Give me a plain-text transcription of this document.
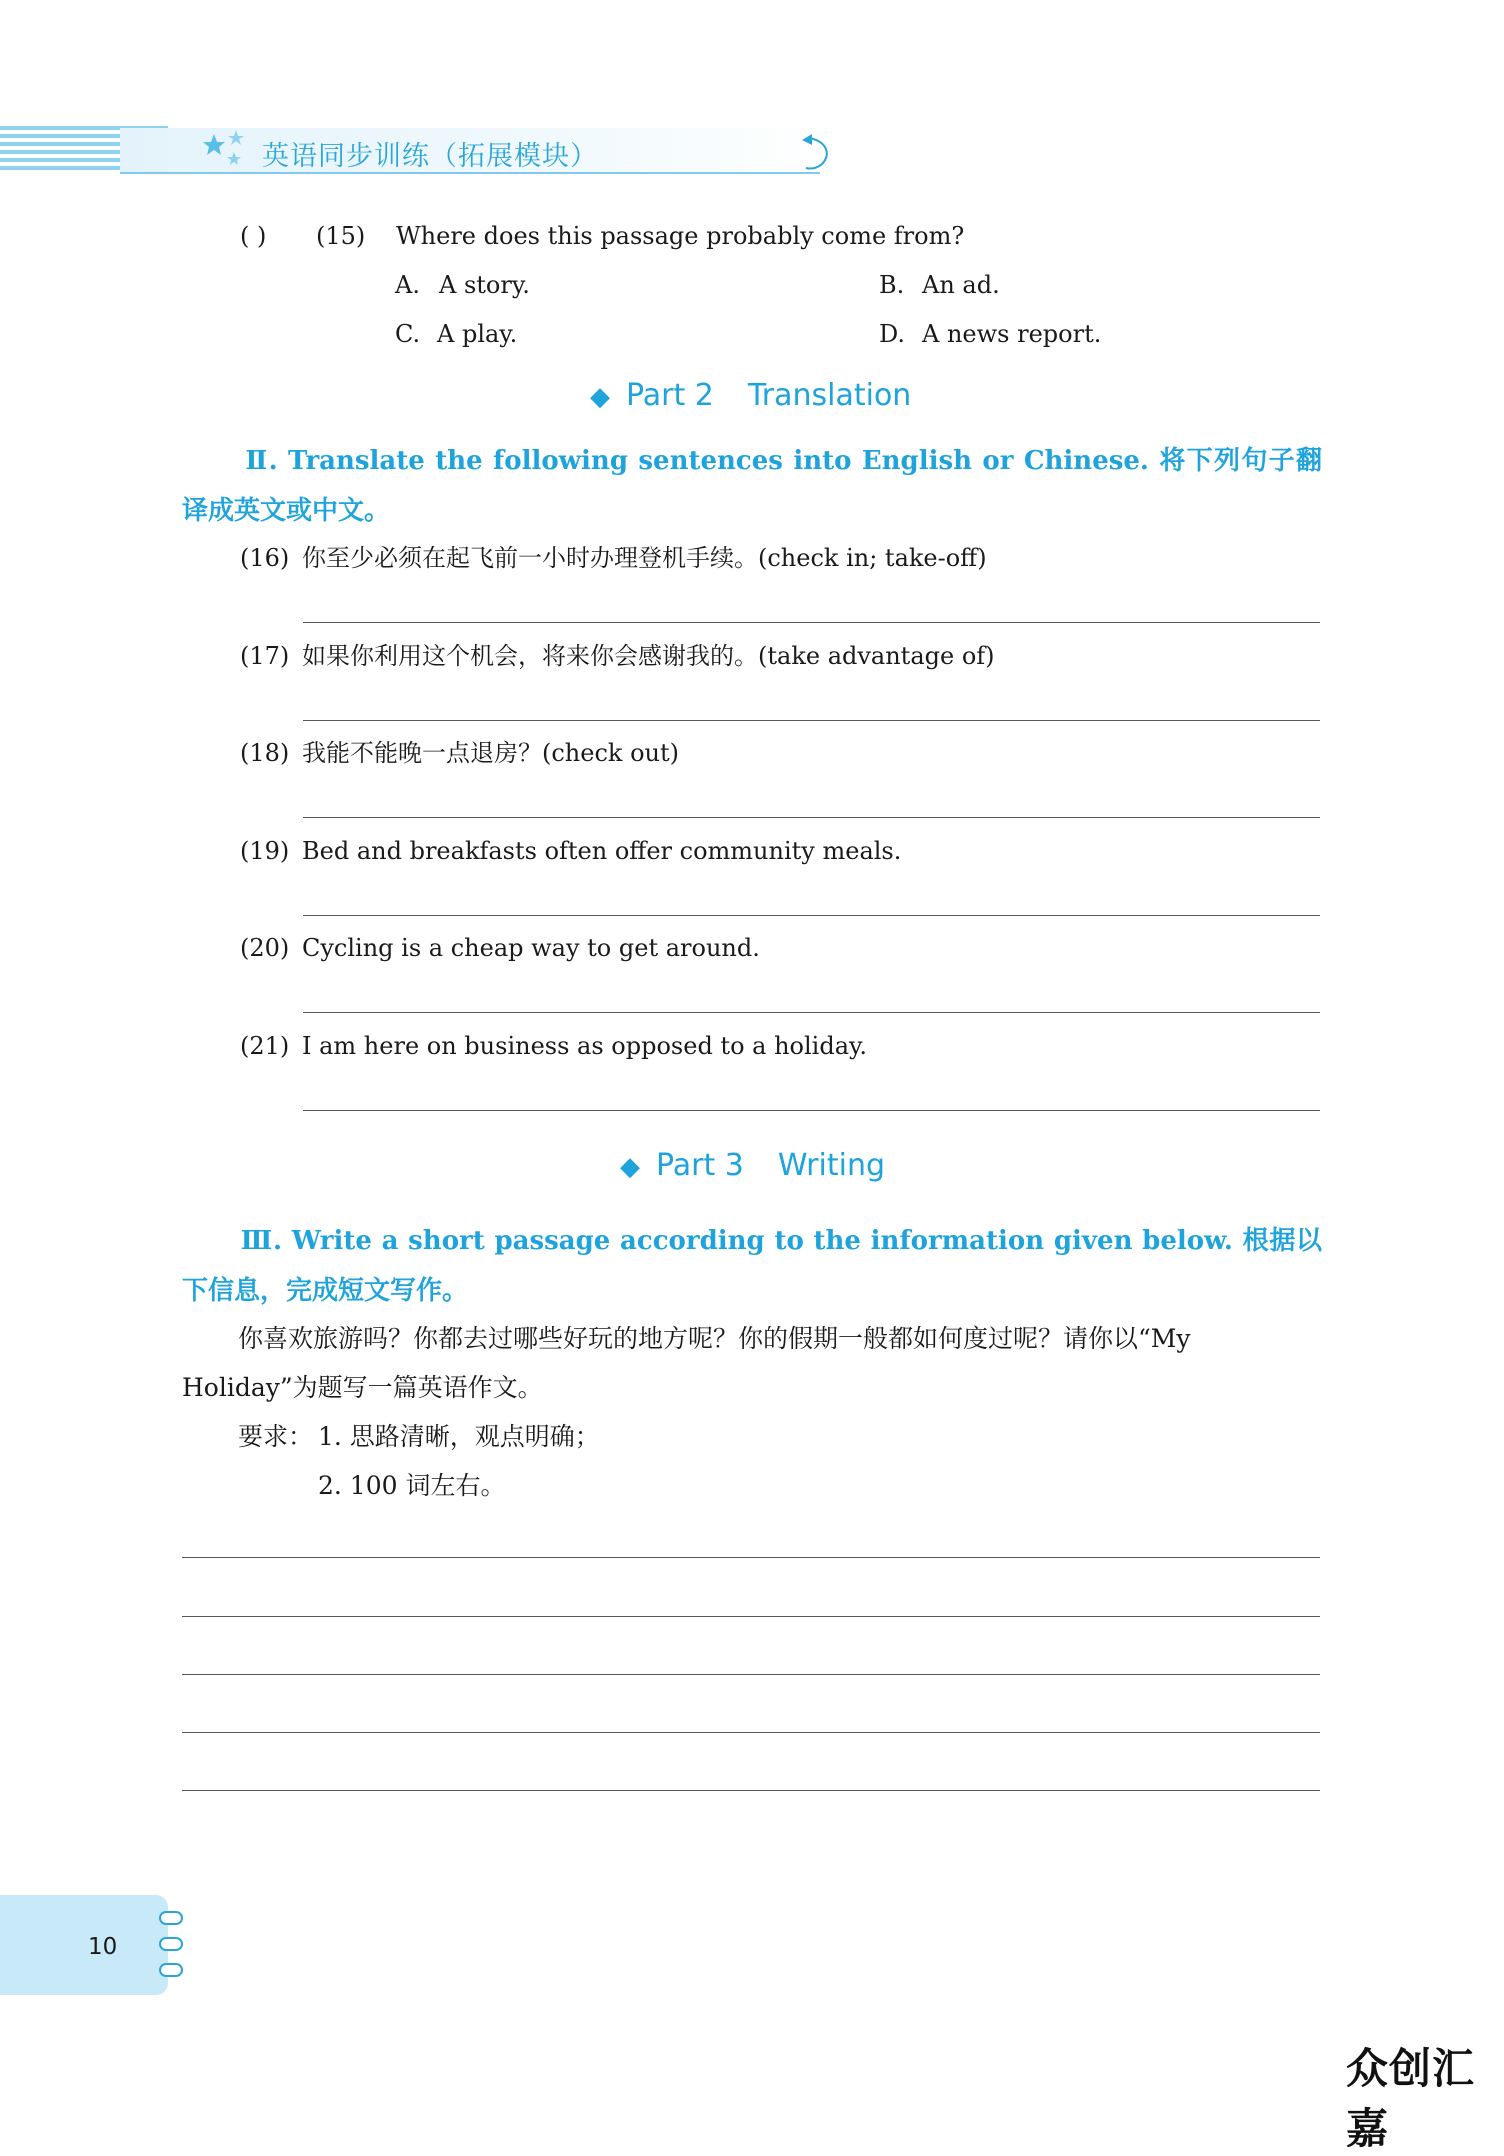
英语同步训练（拓展模块）
( ) (15) Where does this passage probably come from?
A. A story.	B. An ad.
C. A play.	D. A news report.
◆ Part 2 Translation
Ⅱ. Translate the following sentences into English or Chinese. 将下列句子翻译成英文或中文。
(16) 你至少必须在起飞前一小时办理登机手续。(check in; take-off)
(17) 如果你利用这个机会，将来你会感谢我的。(take advantage of)
(18) 我能不能晚一点退房？(check out)
(19) Bed and breakfasts often offer community meals.
(20) Cycling is a cheap way to get around.
(21) I am here on business as opposed to a holiday.
◆ Part 3 Writing
Ⅲ. Write a short passage according to the information given below. 根据以下信息，完成短文写作。
你喜欢旅游吗？你都去过哪些好玩的地方呢？你的假期一般都如何度过呢？请你以“My Holiday”为题写一篇英语作文。
要求： 1. 思路清晰，观点明确；
2. 100 词左右。
10
众创汇嘉
